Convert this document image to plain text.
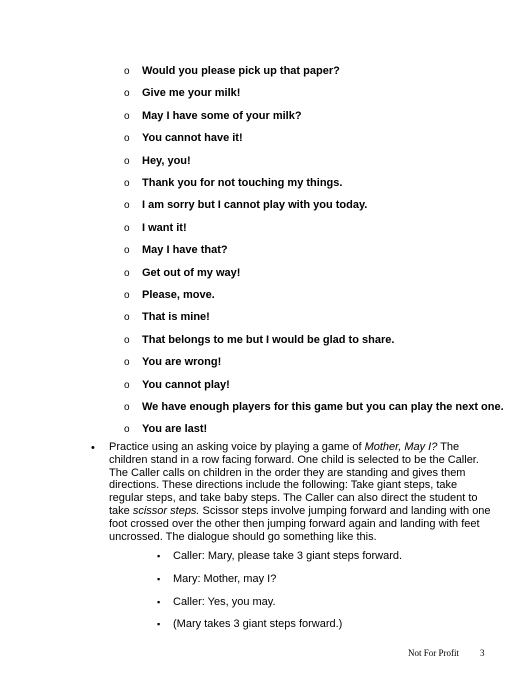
o Would you please pick up that paper?
o Give me your milk!
o May I have some of your milk?
o You cannot have it!
o Hey, you!
o Thank you for not touching my things.
o I am sorry but I cannot play with you today.
o I want it!
o May I have that?
o Get out of my way!
o Please, move.
o That is mine!
o That belongs to me but I would be glad to share.
o You are wrong!
o You cannot play!
o We have enough players for this game but you can play the next one.
o You are last!
• Practice using an asking voice by playing a game of Mother, May I? The children stand in a row facing forward. One child is selected to be the Caller. The Caller calls on children in the order they are standing and gives them directions. These directions include the following: Take giant steps, take regular steps, and take baby steps. The Caller can also direct the student to take scissor steps. Scissor steps involve jumping forward and landing with one foot crossed over the other then jumping forward again and landing with feet uncrossed. The dialogue should go something like this.

▪ Caller: Mary, please take 3 giant steps forward.
▪ Mary: Mother, may I?
▪ Caller: Yes, you may.
▪ (Mary takes 3 giant steps forward.)
Not For Profit 3
